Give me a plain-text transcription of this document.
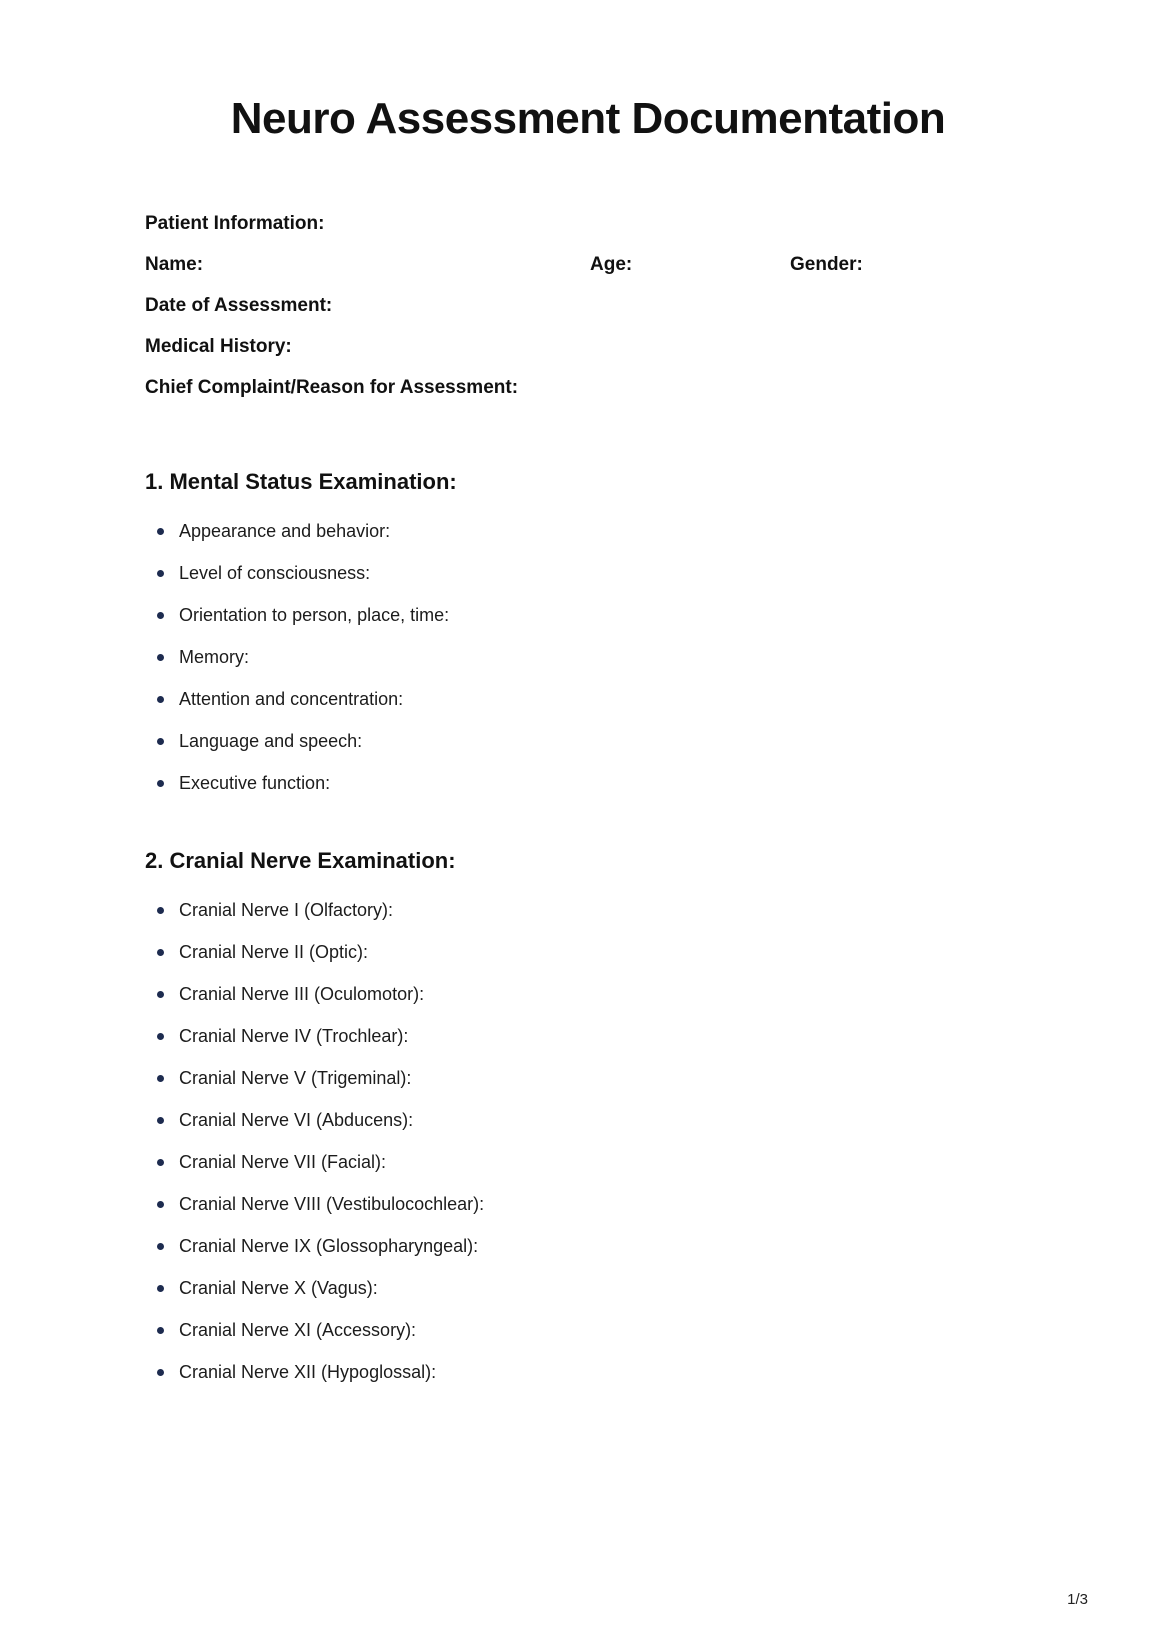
Neuro Assessment Documentation

Patient Information:

Name:	Age:	Gender:

Date of Assessment:

Medical History:

Chief Complaint/Reason for Assessment:

1. Mental Status Examination:
Appearance and behavior:
Level of consciousness:
Orientation to person, place, time:
Memory:
Attention and concentration:
Language and speech:
Executive function:
2. Cranial Nerve Examination:
Cranial Nerve I (Olfactory):
Cranial Nerve II (Optic):
Cranial Nerve III (Oculomotor):
Cranial Nerve IV (Trochlear):
Cranial Nerve V (Trigeminal):
Cranial Nerve VI (Abducens):
Cranial Nerve VII (Facial):
Cranial Nerve VIII (Vestibulocochlear):
Cranial Nerve IX (Glossopharyngeal):
Cranial Nerve X (Vagus):
Cranial Nerve XI (Accessory):
Cranial Nerve XII (Hypoglossal):
1/3
